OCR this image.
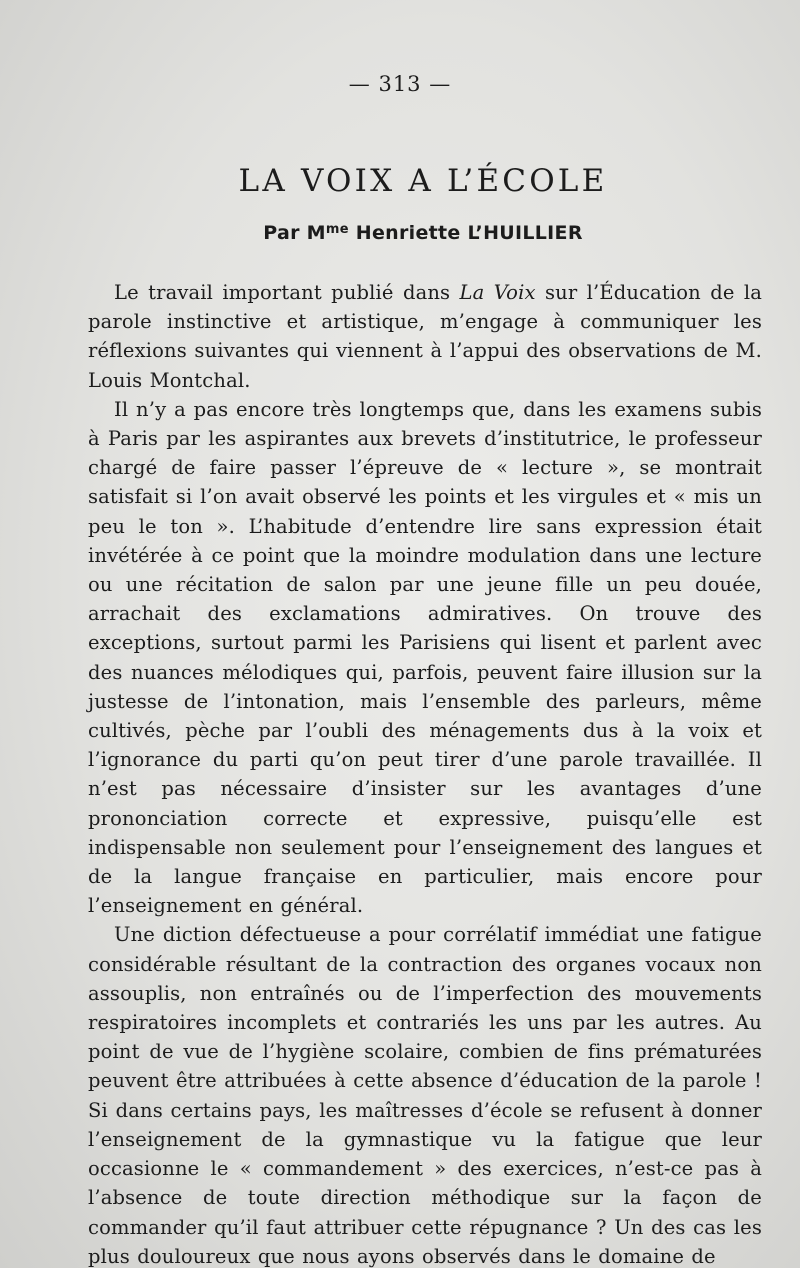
— 313 —
LA VOIX A L’ÉCOLE
Par $M^{me}$ Henriette L’HUILLIER

Le travail important publié dans La Voix sur l’Éducation de la parole instinctive et artistique, m’engage à communiquer les réflexions suivantes qui viennent à l’appui des observations de M. Louis Montchal.

Il n’y a pas encore très longtemps que, dans les examens subis à Paris par les aspirantes aux brevets d’institutrice, le professeur chargé de faire passer l’épreuve de « lecture », se montrait satisfait si l’on avait observé les points et les virgules et « mis un peu le ton ». L’habitude d’entendre lire sans expression était invétérée à ce point que la moindre modulation dans une lecture ou une récitation de salon par une jeune fille un peu douée, arrachait des exclamations admiratives. On trouve des exceptions, surtout parmi les Parisiens qui lisent et parlent avec des nuances mélodiques qui, parfois, peuvent faire illusion sur la justesse de l’intonation, mais l’ensemble des parleurs, même cultivés, pèche par l’oubli des ménagements dus à la voix et l’ignorance du parti qu’on peut tirer d’une parole travaillée. Il n’est pas nécessaire d’insister sur les avantages d’une prononciation correcte et expressive, puisqu’elle est indispensable non seulement pour l’enseignement des langues et de la langue française en particulier, mais encore pour l’enseignement en général.

Une diction défectueuse a pour corrélatif immédiat une fatigue considérable résultant de la contraction des organes vocaux non assouplis, non entraînés ou de l’imperfection des mouvements respiratoires incomplets et contrariés les uns par les autres. Au point de vue de l’hygiène scolaire, combien de fins prématurées peuvent être attribuées à cette absence d’éducation de la parole ! Si dans certains pays, les maîtresses d’école se refusent à donner l’enseignement de la gymnastique vu la fatigue que leur occasionne le « commandement » des exercices, n’est-ce pas à l’absence de toute direction méthodique sur la façon de commander qu’il faut attribuer cette répugnance ? Un des cas les plus douloureux que nous ayons observés dans le domaine de
